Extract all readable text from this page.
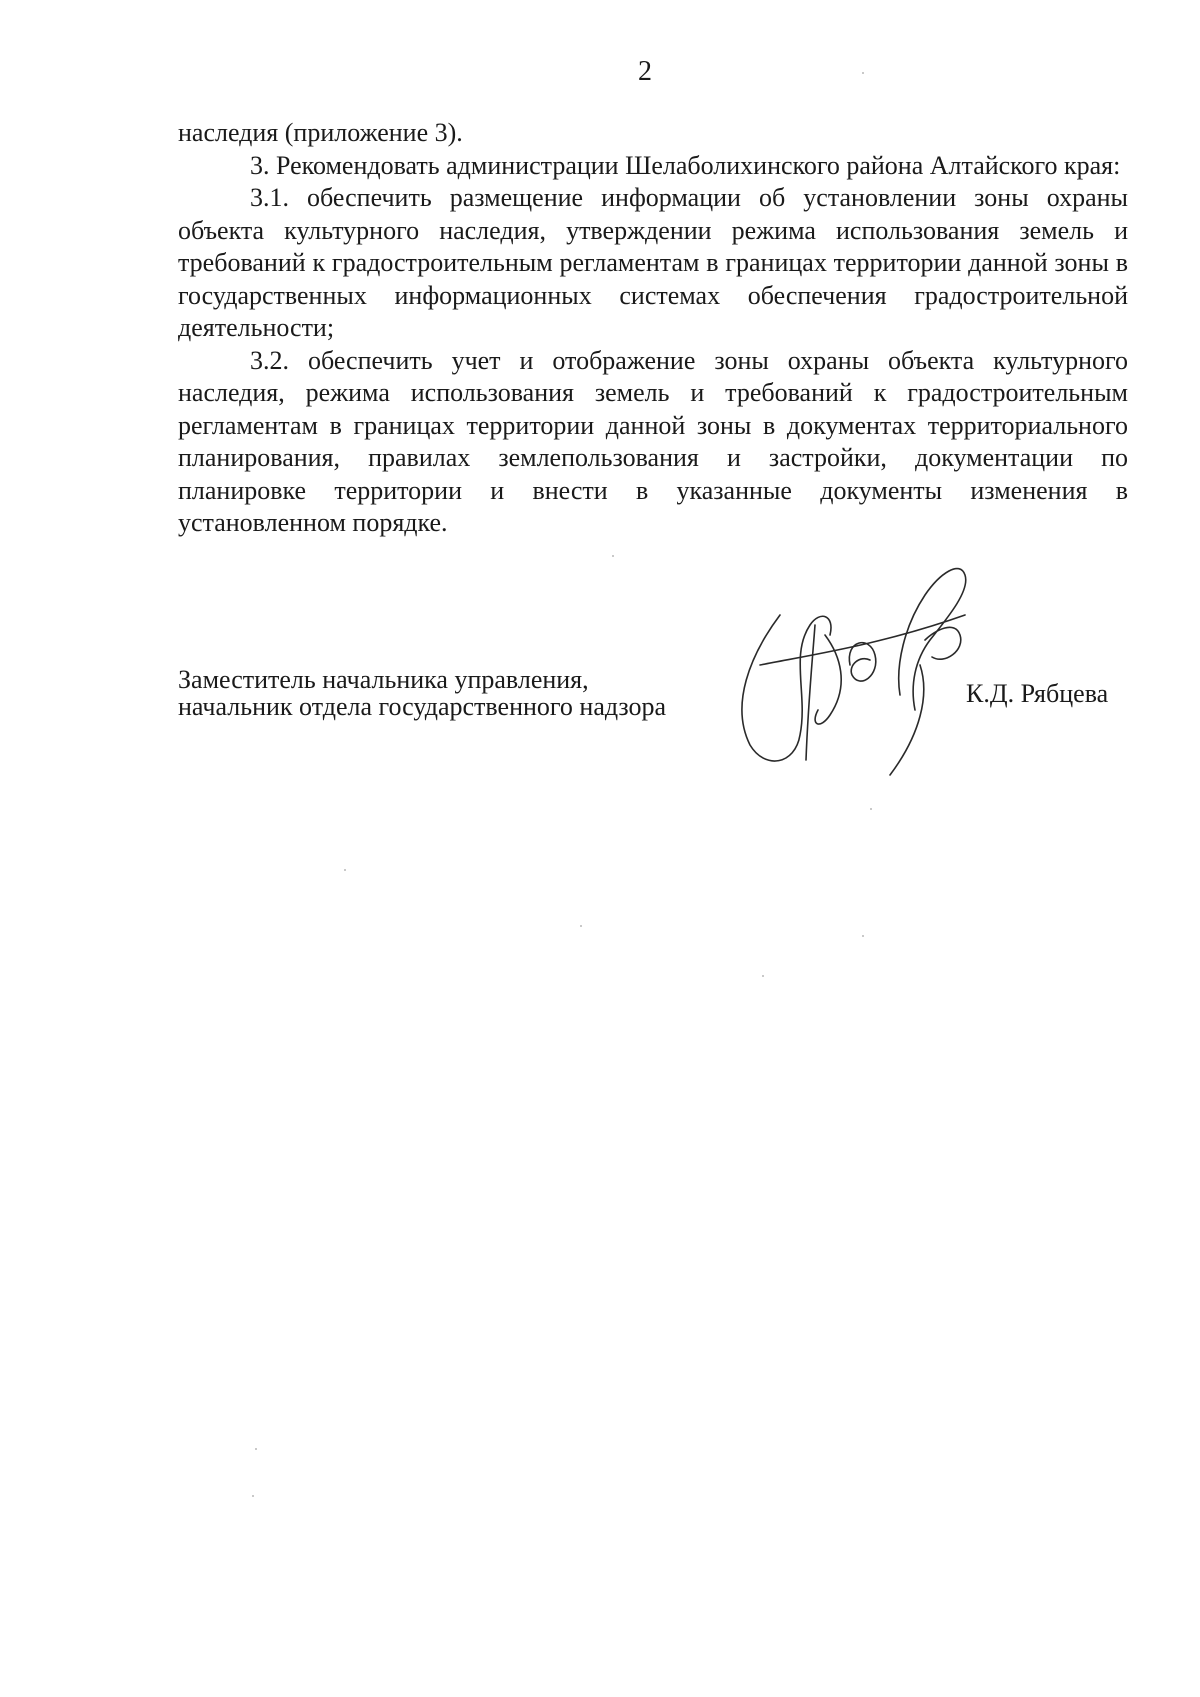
2

наследия (приложение 3).

3. Рекомендовать администрации Шелаболихинского района Алтайского края:

3.1. обеспечить размещение информации об установлении зоны охраны объекта культурного наследия, утверждении режима использования земель и требований к градостроительным регламентам в границах территории данной зоны в государственных информационных системах обеспечения градостроительной деятельности;

3.2. обеспечить учет и отображение зоны охраны объекта культурного наследия, режима использования земель и требований к градостроительным регламентам в границах территории данной зоны в документах территориального планирования, правилах землепользования и застройки, документации по планировке территории и внести в указанные документы изменения в установленном порядке.

Заместитель начальника управления,
начальник отдела государственного надзора	К.Д. Рябцева
